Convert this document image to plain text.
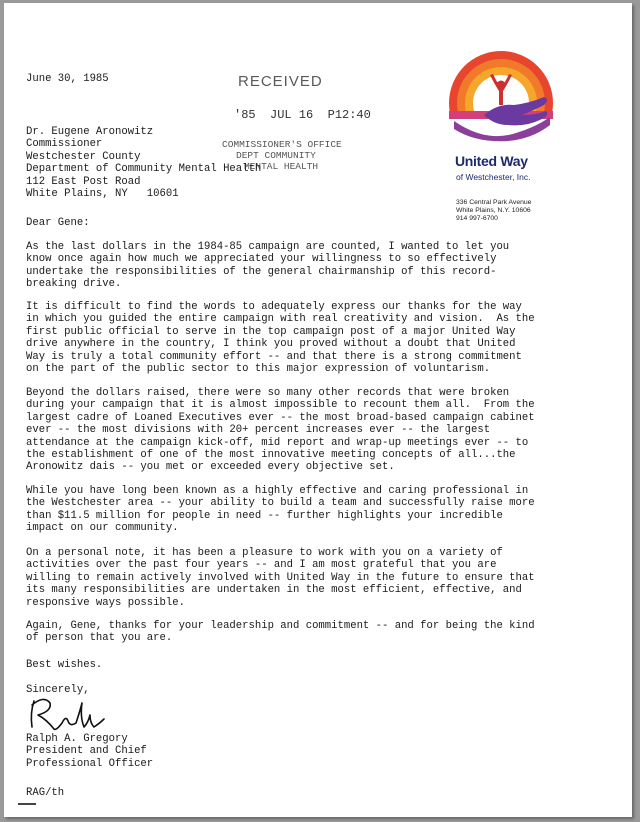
June 30, 1985	RECEIVED
'85  JUL 16  P12:40
COMMISSIONER'S OFFICE
DEPT COMMUNITY
MENTAL HEALTH	United Way
of Westchester, Inc.
336 Central Park Avenue
White Plains, N.Y. 10606
914 997-6700
Dr. Eugene Aronowitz
Commissioner
Westchester County
Department of Community Mental Health
112 East Post Road
White Plains, NY   10601
Dear Gene:
As the last dollars in the 1984-85 campaign are counted, I wanted to let you
know once again how much we appreciated your willingness to so effectively
undertake the responsibilities of the general chairmanship of this record-
breaking drive.
It is difficult to find the words to adequately express our thanks for the way
in which you guided the entire campaign with real creativity and vision.  As the
first public official to serve in the top campaign post of a major United Way
drive anywhere in the country, I think you proved without a doubt that United
Way is truly a total community effort -- and that there is a strong commitment
on the part of the public sector to this major expression of voluntarism.
Beyond the dollars raised, there were so many other records that were broken
during your campaign that it is almost impossible to recount them all.  From the
largest cadre of Loaned Executives ever -- the most broad-based campaign cabinet
ever -- the most divisions with 20+ percent increases ever -- the largest
attendance at the campaign kick-off, mid report and wrap-up meetings ever -- to
the establishment of one of the most innovative meeting concepts of all...the
Aronowitz dais -- you met or exceeded every objective set.
While you have long been known as a highly effective and caring professional in
the Westchester area -- your ability to build a team and successfully raise more
than $11.5 million for people in need -- further highlights your incredible
impact on our community.
On a personal note, it has been a pleasure to work with you on a variety of
activities over the past four years -- and I am most grateful that you are
willing to remain actively involved with United Way in the future to ensure that
its many responsibilities are undertaken in the most efficient, effective, and
responsive ways possible.
Again, Gene, thanks for your leadership and commitment -- and for being the kind
of person that you are.
Best wishes.
Sincerely,
Ralph A. Gregory
President and Chief
Professional Officer
RAG/th
